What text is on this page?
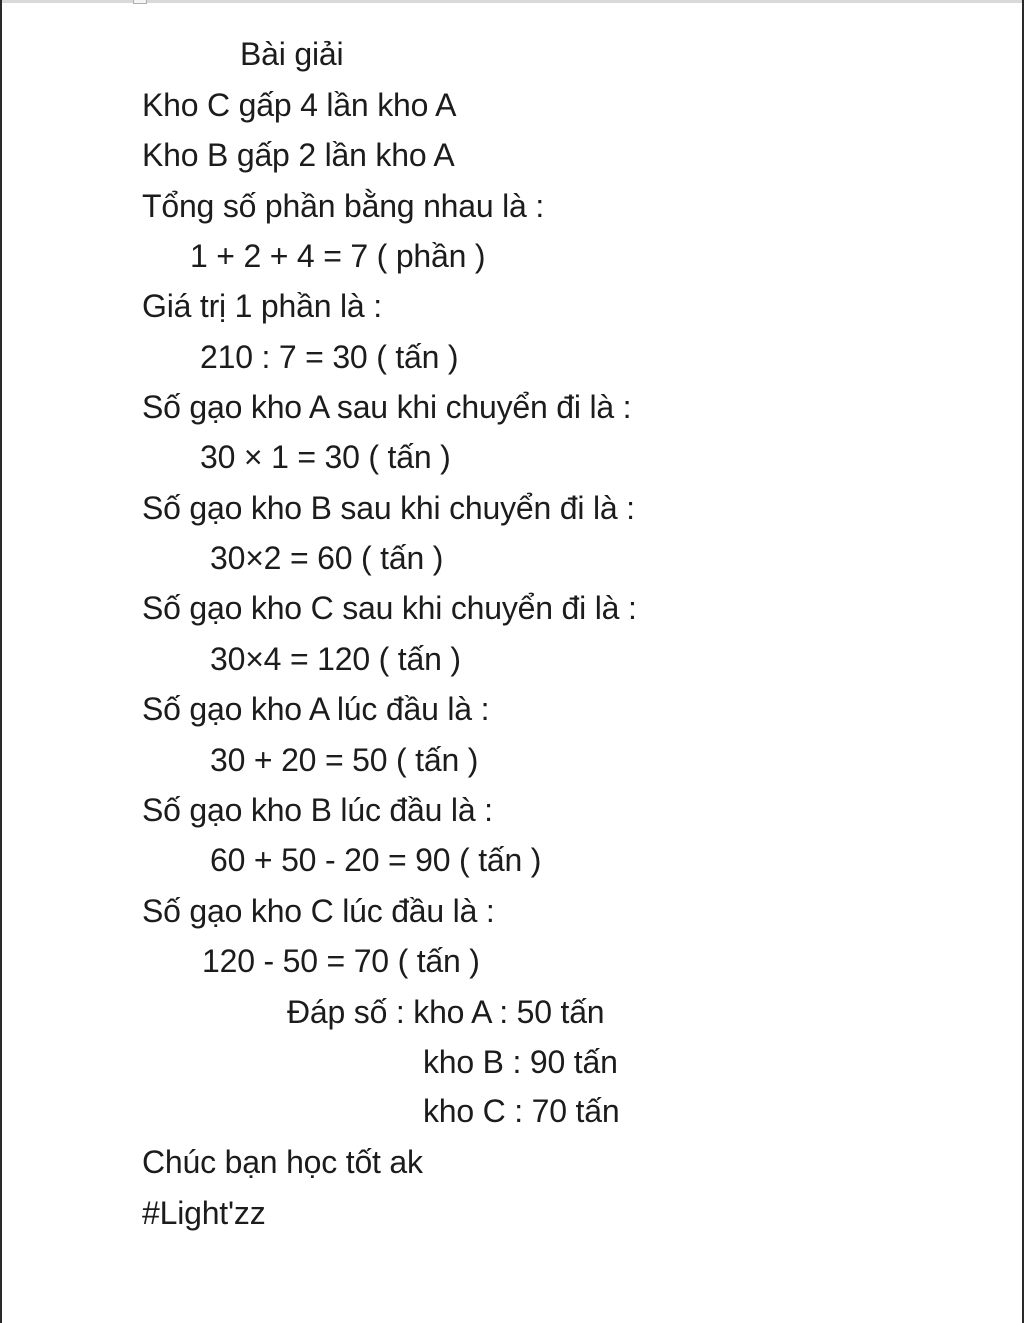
Bài giải
Kho C gấp 4 lần kho A
Kho B gấp 2 lần kho A
Tổng số phần bằng nhau là :
1 + 2 + 4 = 7 ( phần )
Giá trị 1 phần là :
210 : 7 = 30 ( tấn )
Số gạo kho A sau khi chuyển đi là :
30 × 1 = 30 ( tấn )
Số gạo kho B sau khi chuyển đi là :
30×2 = 60 ( tấn )
Số gạo kho C sau khi chuyển đi là :
30×4 = 120 ( tấn )
Số gạo kho A lúc đầu là :
30 + 20 = 50 ( tấn )
Số gạo kho B lúc đầu là :
60 + 50 - 20 = 90 ( tấn )
Số gạo kho C lúc đầu là :
120 - 50 = 70 ( tấn )
Đáp số : kho A : 50 tấn
kho B : 90 tấn
kho C : 70 tấn
Chúc bạn học tốt ak
#Light'zz
